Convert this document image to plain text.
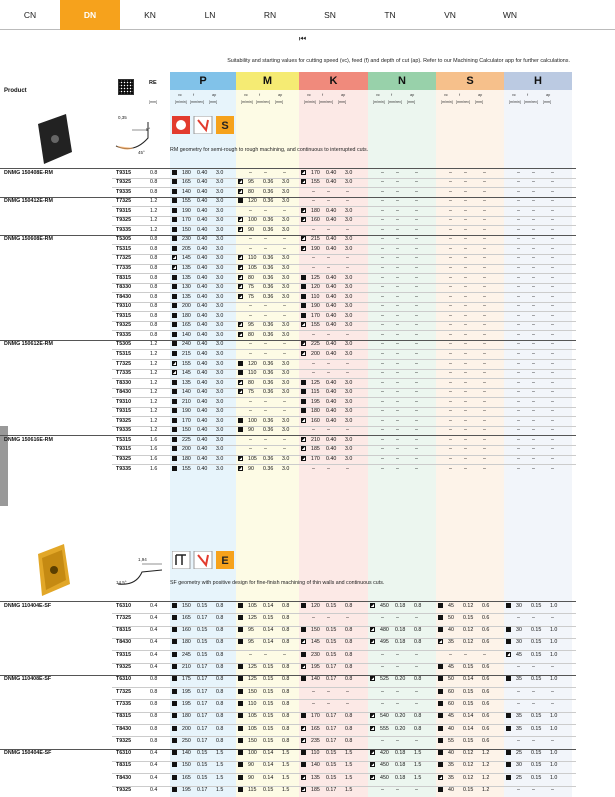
CN	DN	KN	LN	RN	SN	TN	VN	WN
⏮
Suitability and starting values for cutting speed (vc), feed (f) and depth of cut (ap). Refer to our Machining Calculator app for further calculations.
P	M	K	N	S	H
Product
RE
[mm]
vc
[m/min]
f
[mm/rev]
ap
[mm]
vc
[m/min]
f
[mm/rev]
ap
[mm]
vc
[m/min]
f
[mm/rev]
ap
[mm]
vc
[m/min]
f
[mm/rev]
ap
[mm]
vc
[m/min]
f
[mm/rev]
ap
[mm]
vc
[m/min]
f
[mm/rev]
ap
[mm]
0,35
8°
45°
S
RM geometry for semi-rough to rough machining, and continuous to interrupted cuts.
1,94
14,5°
E
SF geometry with positive design for fine-finish machining of thin walls and continuous cuts.
DNMG 150408E-RM	T9315	0.8	180 0.40 3.0	– –	–	170 0.40 3.0	– –	–	– –	–	– –	–
T9325	0.8	165 0.40 3.0	95 0.36 3.0	155 0.40 3.0	– –	–	– –	–	– –	–
T9335	0.8	140 0.40 3.0	80 0.36 3.0	– –	–	– –	–	– –	–	– –	–
DNMG 150412E-RM	T7325	1.2	155 0.40 3.0	120 0.36 3.0	– –	–	– –	–	– –	–	– –	–
T9315	1.2	190 0.40 3.0	– –	–	180 0.40 3.0	– –	–	– –	–	– –	–
T9325	1.2	170 0.40 3.0	100 0.36 3.0	160 0.40 3.0	– –	–	– –	–	– –	–
T9335	1.2	150 0.40 3.0	90 0.36 3.0	– –	–	– –	–	– –	–	– –	–
DNMG 150608E-RM	T5305	0.8	230 0.40 3.0	– –	–	215 0.40 3.0	– –	–	– –	–	– –	–
T5315	0.8	205 0.40 3.0	– –	–	190 0.40 3.0	– –	–	– –	–	– –	–
T7325	0.8	145 0.40 3.0	110 0.36 3.0	– –	–	– –	–	– –	–	– –	–
T7335	0.8	135 0.40 3.0	105 0.36 3.0	– –	–	– –	–	– –	–	– –	–
T8315	0.8	135 0.40 3.0	80 0.36 3.0	125 0.40 3.0	– –	–	– –	–	– –	–
T8330	0.8	130 0.40 3.0	75 0.36 3.0	120 0.40 3.0	– –	–	– –	–	– –	–
T8430	0.8	135 0.40 3.0	75 0.36 3.0	110 0.40 3.0	– –	–	– –	–	– –	–
T9310	0.8	200 0.40 3.0	– –	–	190 0.40 3.0	– –	–	– –	–	– –	–
T9315	0.8	180 0.40 3.0	– –	–	170 0.40 3.0	– –	–	– –	–	– –	–
T9325	0.8	165 0.40 3.0	95 0.36 3.0	155 0.40 3.0	– –	–	– –	–	– –	–
T9335	0.8	140 0.40 3.0	80 0.36 3.0	– –	–	– –	–	– –	–	– –	–
DNMG 150612E-RM	T5305	1.2	240 0.40 3.0	– –	–	225 0.40 3.0	– –	–	– –	–	– –	–
T5315	1.2	215 0.40 3.0	– –	–	200 0.40 3.0	– –	–	– –	–	– –	–
T7325	1.2	155 0.40 3.0	120 0.36 3.0	– –	–	– –	–	– –	–	– –	–
T7335	1.2	145 0.40 3.0	110 0.36 3.0	– –	–	– –	–	– –	–	– –	–
T8330	1.2	135 0.40 3.0	80 0.36 3.0	125 0.40 3.0	– –	–	– –	–	– –	–
T8430	1.2	140 0.40 3.0	75 0.36 3.0	115 0.40 3.0	– –	–	– –	–	– –	–
T9310	1.2	210 0.40 3.0	– –	–	195 0.40 3.0	– –	–	– –	–	– –	–
T9315	1.2	190 0.40 3.0	– –	–	180 0.40 3.0	– –	–	– –	–	– –	–
T9325	1.2	170 0.40 3.0	100 0.36 3.0	160 0.40 3.0	– –	–	– –	–	– –	–
T9335	1.2	150 0.40 3.0	90 0.36 3.0	– –	–	– –	–	– –	–	– –	–
DNMG 150616E-RM	T5315	1.6	225 0.40 3.0	– –	–	210 0.40 3.0	– –	–	– –	–	– –	–
T9315	1.6	200 0.40 3.0	– –	–	185 0.40 3.0	– –	–	– –	–	– –	–
T9325	1.6	180 0.40 3.0	105 0.36 3.0	170 0.40 3.0	– –	–	– –	–	– –	–
T9335	1.6	155 0.40 3.0	90 0.36 3.0	– –	–	– –	–	– –	–	– –	–
DNMG 110404E-SF	T6310	0.4	150 0.15 0.8	105 0.14 0.8	120 0.15 0.8	450 0.18 0.8	45 0.12 0.6	30 0.15 1.0
T7325	0.4	165 0.17 0.8	125 0.15 0.8	– –	–	– –	–	50 0.15 0.6	– –	–
T8315	0.4	160 0.15 0.8	95 0.14 0.8	150 0.15 0.8	480 0.18 0.8	40 0.12 0.6	30 0.15 1.0
T8430	0.4	180 0.15 0.8	95 0.14 0.8	145 0.15 0.8	495 0.18 0.8	35 0.12 0.6	30 0.15 1.0
T9315	0.4	245 0.15 0.8	– –	–	230 0.15 0.8	– –	–	– –	–	45 0.15 1.0
T9325	0.4	210 0.17 0.8	125 0.15 0.8	195 0.17 0.8	– –	–	45 0.15 0.6	– –	–
DNMG 110408E-SF	T6310	0.8	175 0.17 0.8	125 0.15 0.8	140 0.17 0.8	525 0.20 0.8	50 0.14 0.6	35 0.15 1.0
T7325	0.8	195 0.17 0.8	150 0.15 0.8	– –	–	– –	–	60 0.15 0.6	– –	–
T7335	0.8	195 0.17 0.8	110 0.15 0.8	– –	–	– –	–	60 0.15 0.6	– –	–
T8315	0.8	180 0.17 0.8	105 0.15 0.8	170 0.17 0.8	540 0.20 0.8	45 0.14 0.6	35 0.15 1.0
T8430	0.8	200 0.17 0.8	105 0.15 0.8	165 0.17 0.8	555 0.20 0.8	40 0.14 0.6	35 0.15 1.0
T9325	0.8	250 0.17 0.8	150 0.15 0.8	235 0.17 0.8	– –	–	55 0.15 0.6	– –	–
DNMG 150404E-SF	T6310	0.4	140 0.15 1.5	100 0.14 1.5	110 0.15 1.5	420 0.18 1.5	40 0.12 1.2	25 0.15 1.0
T8315	0.4	150 0.15 1.5	90 0.14 1.5	140 0.15 1.5	450 0.18 1.5	35 0.12 1.2	30 0.15 1.0
T8430	0.4	165 0.15 1.5	90 0.14 1.5	135 0.15 1.5	450 0.18 1.5	35 0.12 1.2	25 0.15 1.0
T9325	0.4	195 0.17 1.5	115 0.15 1.5	185 0.17 1.5	– –	–	40 0.15 1.2	– –	–
